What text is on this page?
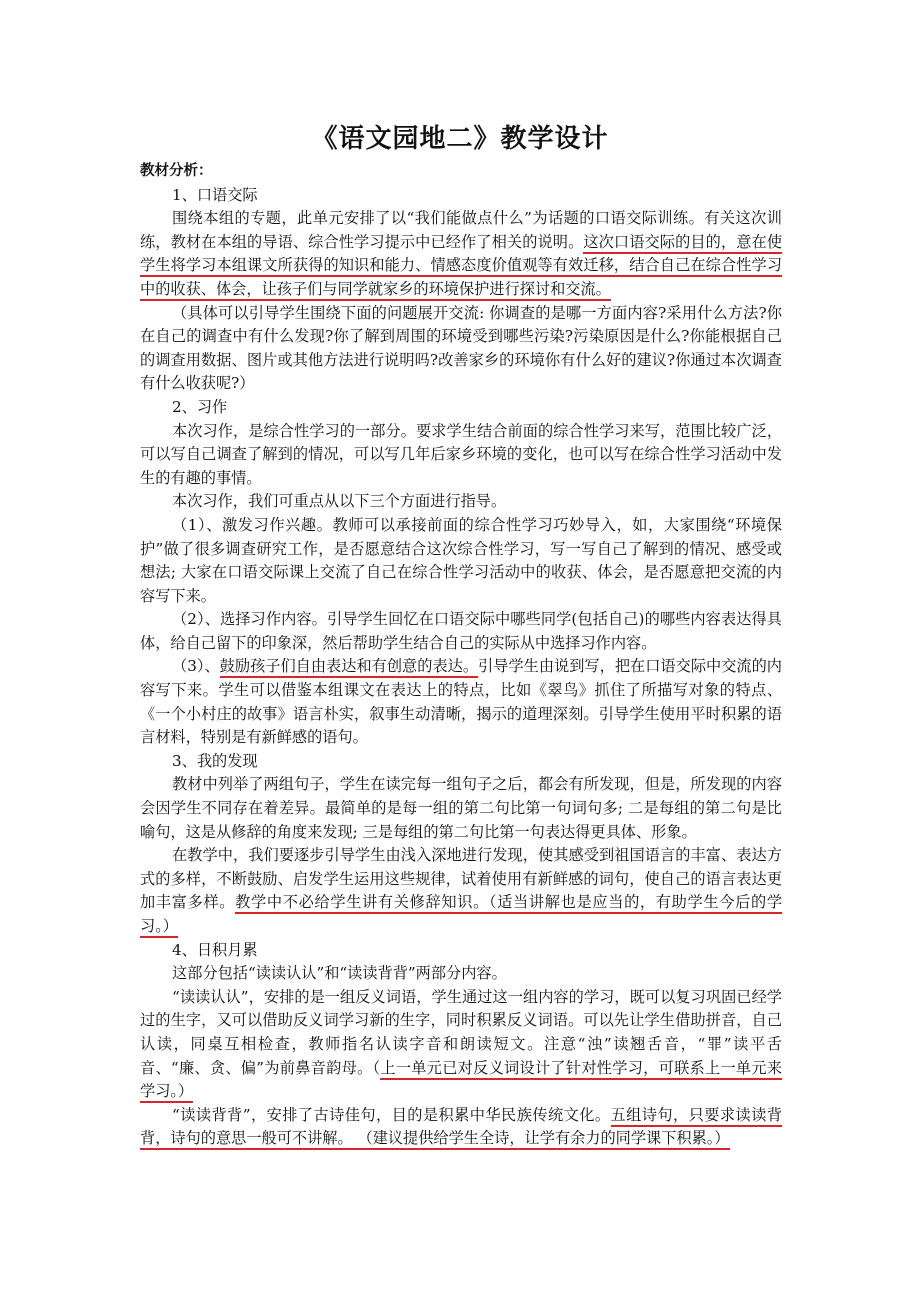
《语文园地二》教学设计

教材分析：

1、口语交际

围绕本组的专题，此单元安排了以“我们能做点什么”为话题的口语交际训练。有关这次训练，教材在本组的导语、综合性学习提示中已经作了相关的说明。这次口语交际的目的，意在使学生将学习本组课文所获得的知识和能力、情感态度价值观等有效迁移，结合自己在综合性学习中的收获、体会，让孩子们与同学就家乡的环境保护进行探讨和交流。

（具体可以引导学生围绕下面的问题展开交流: 你调查的是哪一方面内容?采用什么方法?你在自己的调查中有什么发现?你了解到周围的环境受到哪些污染?污染原因是什么?你能根据自己的调查用数据、图片或其他方法进行说明吗?改善家乡的环境你有什么好的建议?你通过本次调查有什么收获呢?）

2、习作

本次习作，是综合性学习的一部分。要求学生结合前面的综合性学习来写，范围比较广泛，可以写自己调查了解到的情况，可以写几年后家乡环境的变化，也可以写在综合性学习活动中发生的有趣的事情。

本次习作，我们可重点从以下三个方面进行指导。

（1）、激发习作兴趣。教师可以承接前面的综合性学习巧妙导入，如，大家围绕“环境保护”做了很多调查研究工作，是否愿意结合这次综合性学习，写一写自己了解到的情况、感受或想法; 大家在口语交际课上交流了自己在综合性学习活动中的收获、体会，是否愿意把交流的内容写下来。

（2）、选择习作内容。引导学生回忆在口语交际中哪些同学(包括自己)的哪些内容表达得具体，给自己留下的印象深，然后帮助学生结合自己的实际从中选择习作内容。

（3）、鼓励孩子们自由表达和有创意的表达。引导学生由说到写，把在口语交际中交流的内容写下来。学生可以借鉴本组课文在表达上的特点，比如《翠鸟》抓住了所描写对象的特点、《一个小村庄的故事》语言朴实，叙事生动清晰，揭示的道理深刻。引导学生使用平时积累的语言材料，特别是有新鲜感的语句。

3、我的发现

教材中列举了两组句子，学生在读完每一组句子之后，都会有所发现，但是，所发现的内容会因学生不同存在着差异。最简单的是每一组的第二句比第一句词句多; 二是每组的第二句是比喻句，这是从修辞的角度来发现; 三是每组的第二句比第一句表达得更具体、形象。

在教学中，我们要逐步引导学生由浅入深地进行发现，使其感受到祖国语言的丰富、表达方式的多样，不断鼓励、启发学生运用这些规律，试着使用有新鲜感的词句，使自己的语言表达更加丰富多样。教学中不必给学生讲有关修辞知识。（适当讲解也是应当的，有助学生今后的学习。）

4、日积月累

这部分包括“读读认认”和“读读背背”两部分内容。

“读读认认”，安排的是一组反义词语，学生通过这一组内容的学习，既可以复习巩固已经学过的生字，又可以借助反义词学习新的生字，同时积累反义词语。可以先让学生借助拼音，自己认读，同桌互相检查，教师指名认读字音和朗读短文。注意“浊”读翘舌音，“罪”读平舌音、“廉、贪、偏”为前鼻音韵母。（上一单元已对反义词设计了针对性学习，可联系上一单元来学习。）

“读读背背”，安排了古诗佳句，目的是积累中华民族传统文化。五组诗句，只要求读读背背，诗句的意思一般可不讲解。 （建议提供给学生全诗，让学有余力的同学课下积累。）
